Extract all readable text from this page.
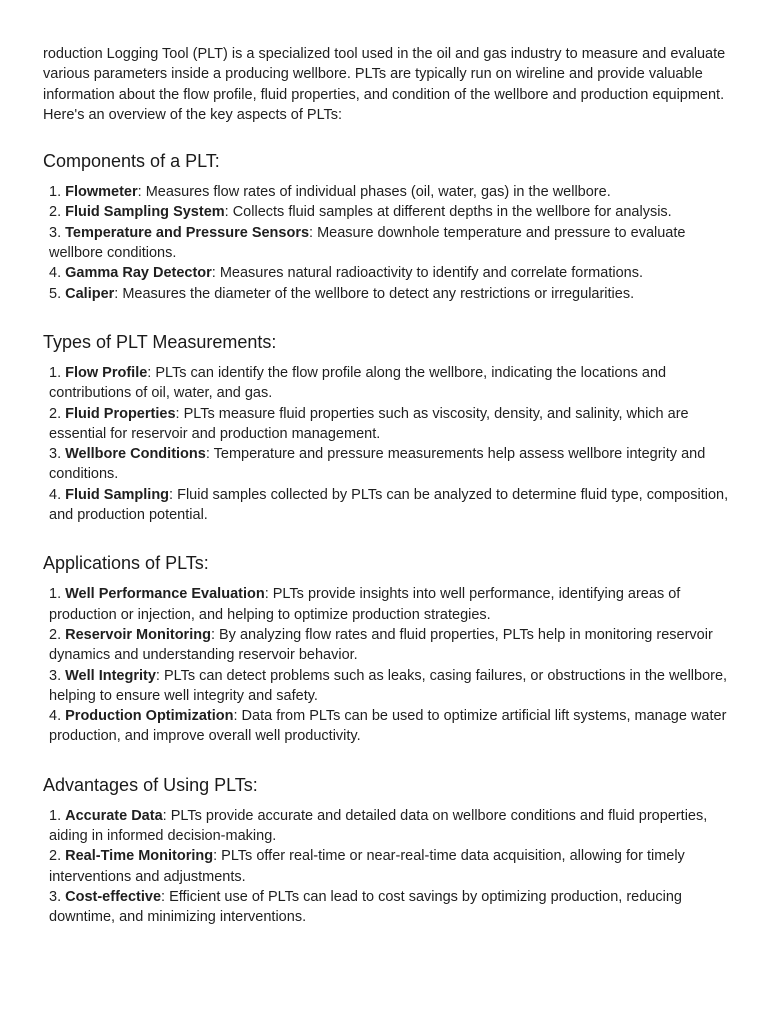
roduction Logging Tool (PLT) is a specialized tool used in the oil and gas industry to measure and evaluate various parameters inside a producing wellbore. PLTs are typically run on wireline and provide valuable information about the flow profile, fluid properties, and condition of the wellbore and production equipment. Here's an overview of the key aspects of PLTs:

Components of a PLT:
1. Flowmeter: Measures flow rates of individual phases (oil, water, gas) in the wellbore.
2. Fluid Sampling System: Collects fluid samples at different depths in the wellbore for analysis.
3. Temperature and Pressure Sensors: Measure downhole temperature and pressure to evaluate wellbore conditions.
4. Gamma Ray Detector: Measures natural radioactivity to identify and correlate formations.
5. Caliper: Measures the diameter of the wellbore to detect any restrictions or irregularities.
Types of PLT Measurements:
1. Flow Profile: PLTs can identify the flow profile along the wellbore, indicating the locations and contributions of oil, water, and gas.
2. Fluid Properties: PLTs measure fluid properties such as viscosity, density, and salinity, which are essential for reservoir and production management.
3. Wellbore Conditions: Temperature and pressure measurements help assess wellbore integrity and conditions.
4. Fluid Sampling: Fluid samples collected by PLTs can be analyzed to determine fluid type, composition, and production potential.
Applications of PLTs:
1. Well Performance Evaluation: PLTs provide insights into well performance, identifying areas of production or injection, and helping to optimize production strategies.
2. Reservoir Monitoring: By analyzing flow rates and fluid properties, PLTs help in monitoring reservoir dynamics and understanding reservoir behavior.
3. Well Integrity: PLTs can detect problems such as leaks, casing failures, or obstructions in the wellbore, helping to ensure well integrity and safety.
4. Production Optimization: Data from PLTs can be used to optimize artificial lift systems, manage water production, and improve overall well productivity.
Advantages of Using PLTs:
1. Accurate Data: PLTs provide accurate and detailed data on wellbore conditions and fluid properties, aiding in informed decision-making.
2. Real-Time Monitoring: PLTs offer real-time or near-real-time data acquisition, allowing for timely interventions and adjustments.
3. Cost-effective: Efficient use of PLTs can lead to cost savings by optimizing production, reducing downtime, and minimizing interventions.
